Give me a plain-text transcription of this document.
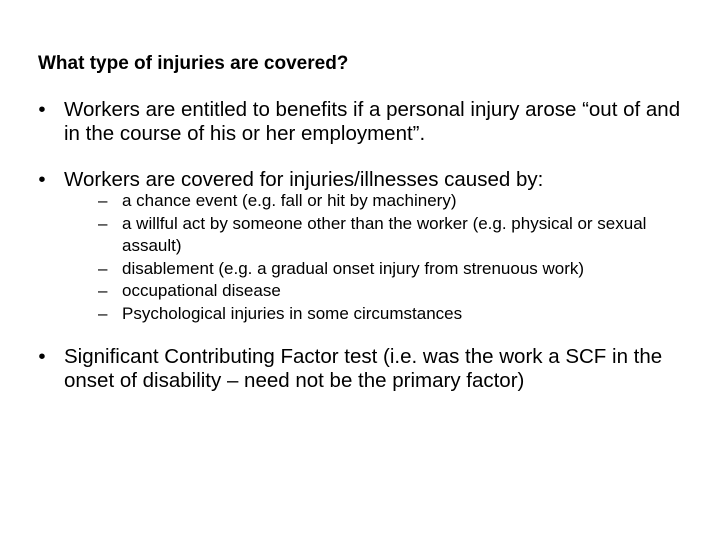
What type of injuries are covered?
• Workers are entitled to benefits if a personal injury arose “out of and in the course of his or her employment”.
• Workers are covered for injuries/illnesses caused by:
– a chance event (e.g. fall or hit by machinery)
– a willful act by someone other than the worker (e.g. physical or sexual assault)
– disablement (e.g. a gradual onset injury from strenuous work)
– occupational disease
– Psychological injuries in some circumstances
• Significant Contributing Factor test (i.e. was the work a SCF in the onset of disability – need not be the primary factor)
